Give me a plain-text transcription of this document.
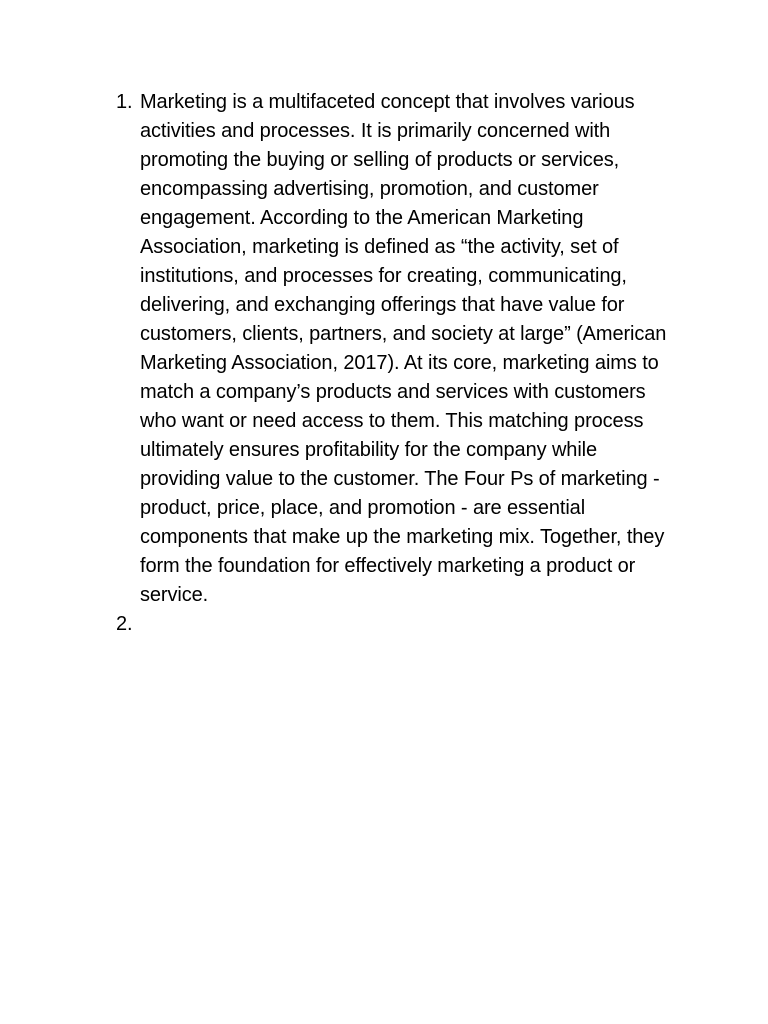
1. Marketing is a multifaceted concept that involves various activities and processes. It is primarily concerned with promoting the buying or selling of products or services, encompassing advertising, promotion, and customer engagement. According to the American Marketing Association, marketing is defined as “the activity, set of institutions, and processes for creating, communicating, delivering, and exchanging offerings that have value for customers, clients, partners, and society at large” (American Marketing Association, 2017). At its core, marketing aims to match a company’s products and services with customers who want or need access to them. This matching process ultimately ensures profitability for the company while providing value to the customer. The Four Ps of marketing - product, price, place, and promotion - are essential components that make up the marketing mix. Together, they form the foundation for effectively marketing a product or service.
2.
